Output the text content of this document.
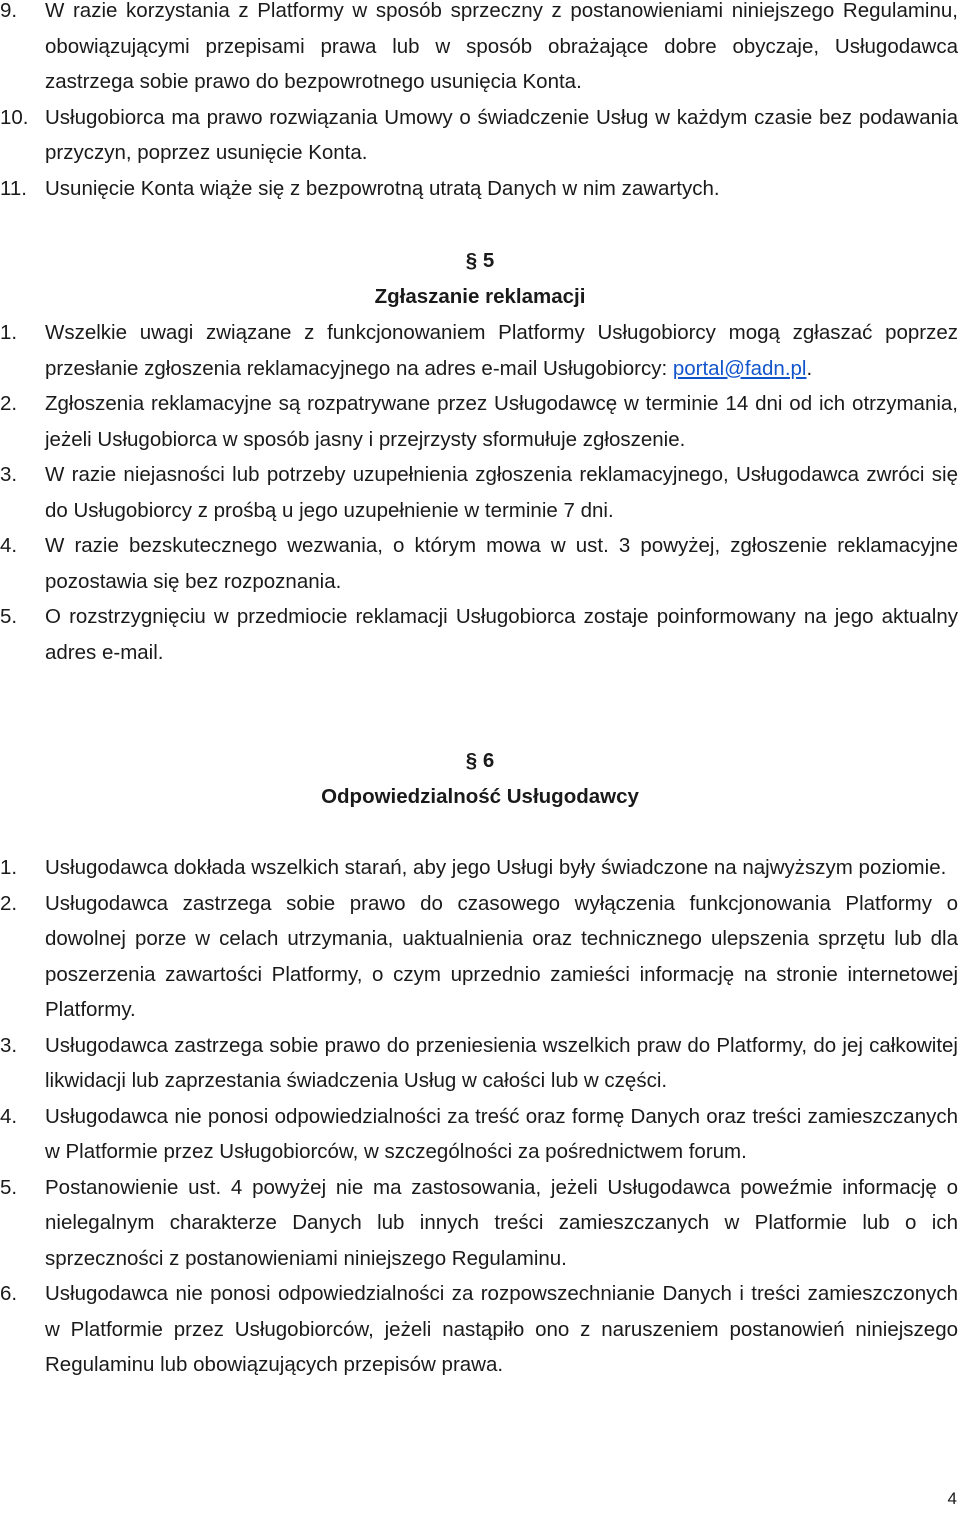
9. W razie korzystania z Platformy w sposób sprzeczny z postanowieniami niniejszego Regulaminu, obowiązującymi przepisami prawa lub w sposób obrażające dobre obyczaje, Usługodawca zastrzega sobie prawo do bezpowrotnego usunięcia Konta.
10. Usługobiorca ma prawo rozwiązania Umowy o świadczenie Usług w każdym czasie bez podawania przyczyn, poprzez usunięcie Konta.
11. Usunięcie Konta wiąże się z bezpowrotną utratą Danych w nim zawartych.
§ 5
Zgłaszanie reklamacji
1. Wszelkie uwagi związane z funkcjonowaniem Platformy Usługobiorcy mogą zgłaszać poprzez przesłanie zgłoszenia reklamacyjnego na adres e-mail Usługobiorcy: portal@fadn.pl.
2. Zgłoszenia reklamacyjne są rozpatrywane przez Usługodawcę w terminie 14 dni od ich otrzymania, jeżeli Usługobiorca w sposób jasny i przejrzysty sformułuje zgłoszenie.
3. W razie niejasności lub potrzeby uzupełnienia zgłoszenia reklamacyjnego, Usługodawca zwróci się do Usługobiorcy z prośbą u jego uzupełnienie w terminie 7 dni.
4. W razie bezskutecznego wezwania, o którym mowa w ust. 3 powyżej, zgłoszenie reklamacyjne pozostawia się bez rozpoznania.
5. O rozstrzygnięciu w przedmiocie reklamacji Usługobiorca zostaje poinformowany na jego aktualny adres e-mail.
§ 6
Odpowiedzialność Usługodawcy
1. Usługodawca dokłada wszelkich starań, aby jego Usługi były świadczone na najwyższym poziomie.
2. Usługodawca zastrzega sobie prawo do czasowego wyłączenia funkcjonowania Platformy o dowolnej porze w celach utrzymania, uaktualnienia oraz technicznego ulepszenia sprzętu lub dla poszerzenia zawartości Platformy, o czym uprzednio zamieści informację na stronie internetowej Platformy.
3. Usługodawca zastrzega sobie prawo do przeniesienia wszelkich praw do Platformy, do jej całkowitej likwidacji lub zaprzestania świadczenia Usług w całości lub w części.
4. Usługodawca nie ponosi odpowiedzialności za treść oraz formę Danych oraz treści zamieszczanych w Platformie przez Usługobiorców, w szczególności za pośrednictwem forum.
5. Postanowienie ust. 4 powyżej nie ma zastosowania, jeżeli Usługodawca poweźmie informację o nielegalnym charakterze Danych lub innych treści zamieszczanych w Platformie lub o ich sprzeczności z postanowieniami niniejszego Regulaminu.
6. Usługodawca nie ponosi odpowiedzialności za rozpowszechnianie Danych i treści zamieszczonych w Platformie przez Usługobiorców, jeżeli nastąpiło ono z naruszeniem postanowień niniejszego Regulaminu lub obowiązujących przepisów prawa.
4
